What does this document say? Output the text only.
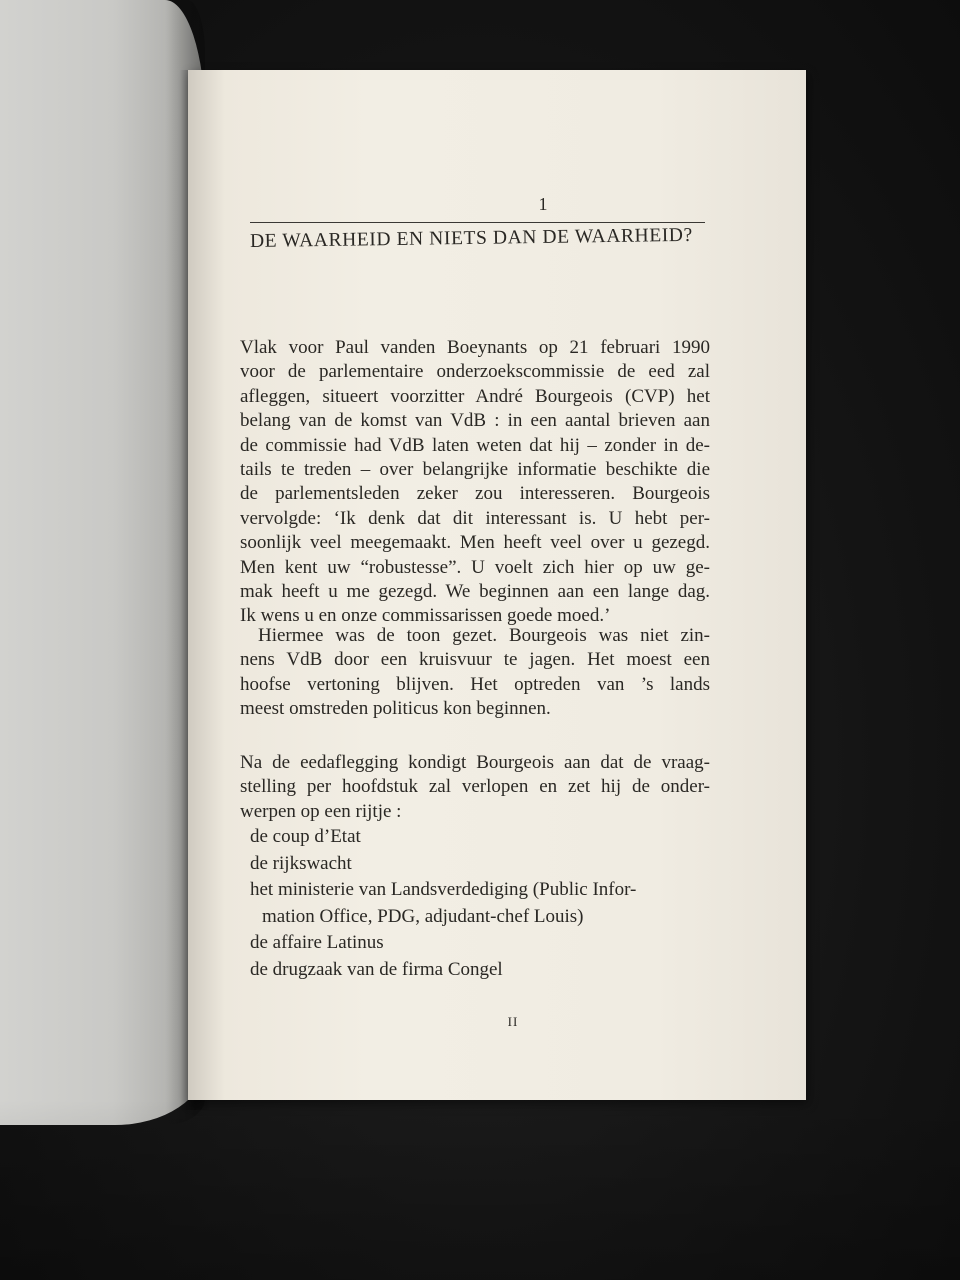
1
DE WAARHEID EN NIETS DAN DE WAARHEID?
Vlak voor Paul vanden Boeynants op 21 februari 1990
voor de parlementaire onderzoekscommissie de eed zal
afleggen, situeert voorzitter André Bourgeois (CVP) het
belang van de komst van VdB : in een aantal brieven aan
de commissie had VdB laten weten dat hij – zonder in de-
tails te treden – over belangrijke informatie beschikte die
de parlementsleden zeker zou interesseren. Bourgeois
vervolgde: ‘Ik denk dat dit interessant is. U hebt per-
soonlijk veel meegemaakt. Men heeft veel over u gezegd.
Men kent uw “robustesse”. U voelt zich hier op uw ge-
mak heeft u me gezegd. We beginnen aan een lange dag.
Ik wens u en onze commissarissen goede moed.’
Hiermee was de toon gezet. Bourgeois was niet zin-
nens VdB door een kruisvuur te jagen. Het moest een
hoofse vertoning blijven. Het optreden van ’s lands
meest omstreden politicus kon beginnen.
Na de eedaflegging kondigt Bourgeois aan dat de vraag-
stelling per hoofdstuk zal verlopen en zet hij de onder-
werpen op een rijtje :
de coup d’Etat
de rijkswacht
het ministerie van Landsverdediging (Public Infor-
mation Office, PDG, adjudant-chef Louis)
de affaire Latinus
de drugzaak van de firma Congel
II
